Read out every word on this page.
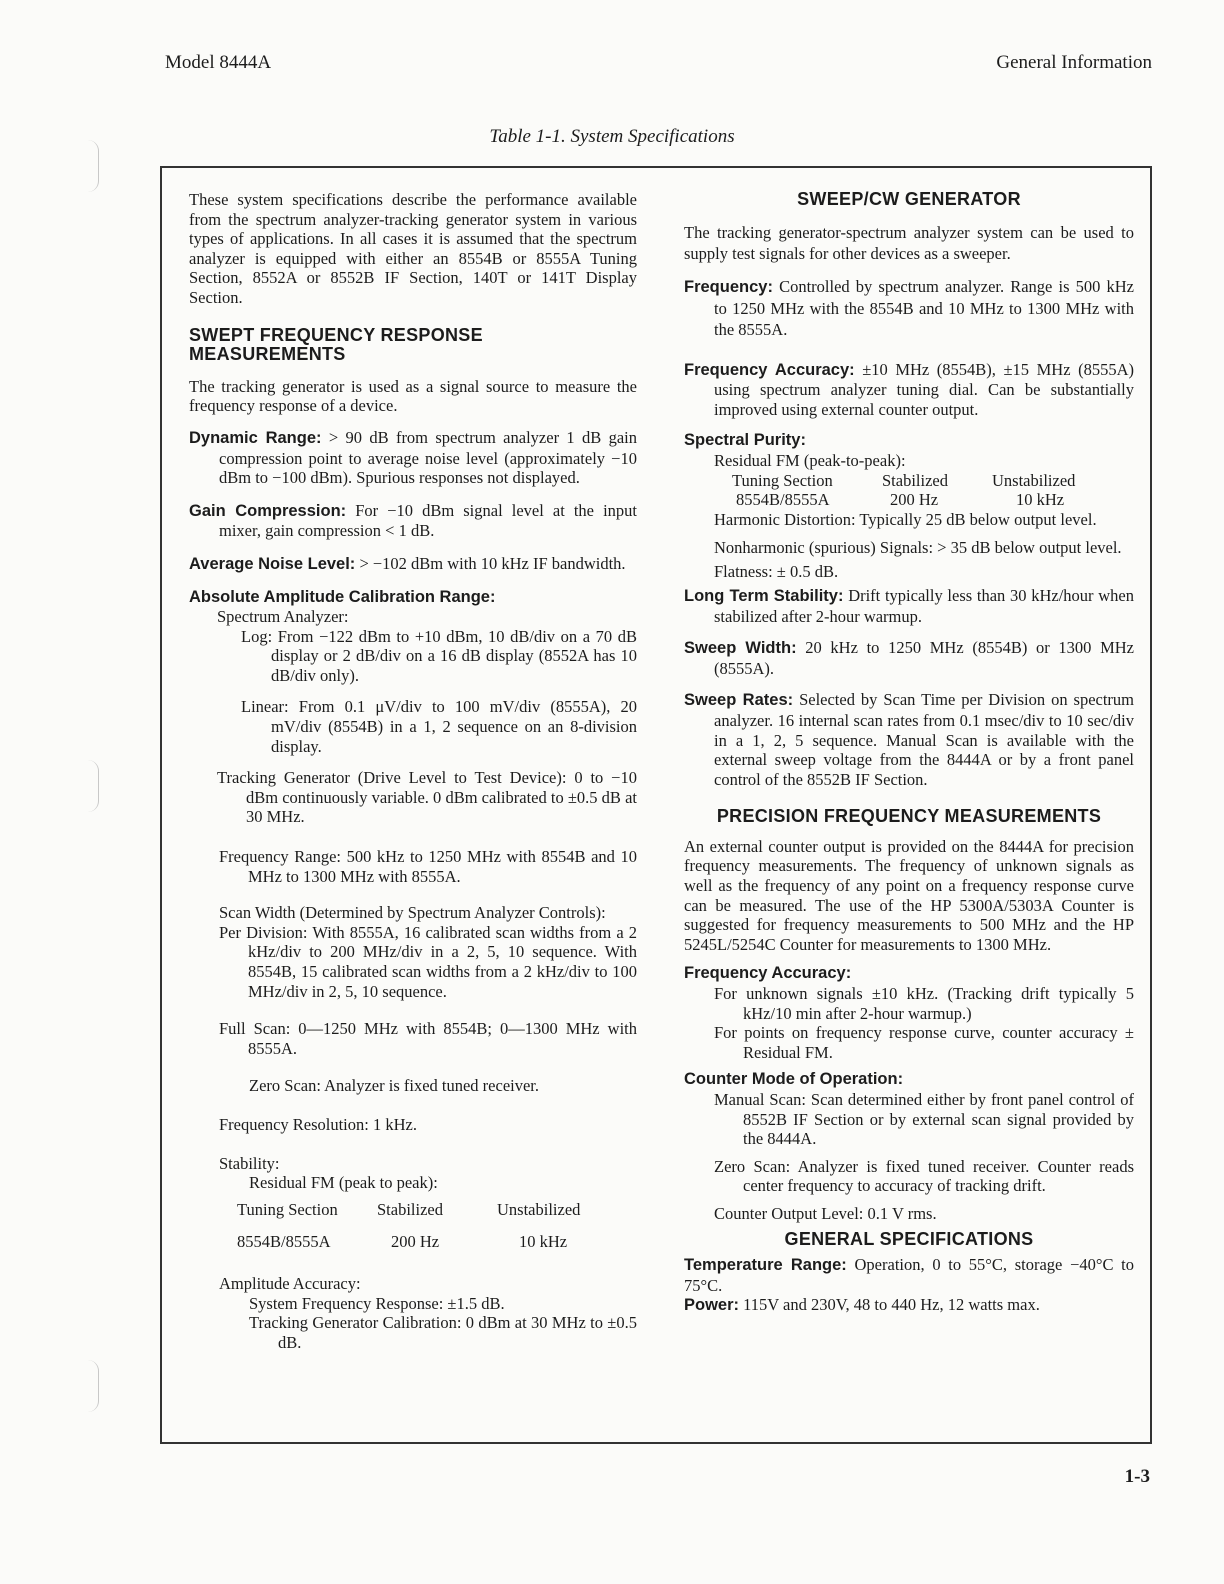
Model 8444A	General Information
Table 1-1. System Specifications

These system specifications describe the performance available from the spectrum analyzer-tracking generator system in various types of applications. In all cases it is assumed that the spectrum analyzer is equipped with either an 8554B or 8555A Tuning Section, 8552A or 8552B IF Section, 140T or 141T Display Section.

SWEPT FREQUENCY RESPONSE MEASUREMENTS

The tracking generator is used as a signal source to measure the frequency response of a device.

Dynamic Range: > 90 dB from spectrum analyzer 1 dB gain compression point to average noise level (approximately −10 dBm to −100 dBm). Spurious responses not displayed.

Gain Compression: For −10 dBm signal level at the input mixer, gain compression < 1 dB.

Average Noise Level: > −102 dBm with 10 kHz IF bandwidth.

Absolute Amplitude Calibration Range:

Spectrum Analyzer:

Log: From −122 dBm to +10 dBm, 10 dB/div on a 70 dB display or 2 dB/div on a 16 dB display (8552A has 10 dB/div only).

Linear: From 0.1 μV/div to 100 mV/div (8555A), 20 mV/div (8554B) in a 1, 2 sequence on an 8-division display.

Tracking Generator (Drive Level to Test Device): 0 to −10 dBm continuously variable. 0 dBm calibrated to ±0.5 dB at 30 MHz.

Frequency Range: 500 kHz to 1250 MHz with 8554B and 10 MHz to 1300 MHz with 8555A.

Scan Width (Determined by Spectrum Analyzer Controls):

Per Division: With 8555A, 16 calibrated scan widths from a 2 kHz/div to 200 MHz/div in a 2, 5, 10 sequence. With 8554B, 15 calibrated scan widths from a 2 kHz/div to 100 MHz/div in 2, 5, 10 sequence.

Full Scan: 0—1250 MHz with 8554B; 0—1300 MHz with 8555A.

Zero Scan: Analyzer is fixed tuned receiver.

Frequency Resolution: 1 kHz.

Stability:

Residual FM (peak to peak):

Tuning Section	Stabilized	Unstabilized
8554B/8555A	200 Hz	10 kHz

Amplitude Accuracy:

System Frequency Response: ±1.5 dB.

Tracking Generator Calibration: 0 dBm at 30 MHz to ±0.5 dB.

SWEEP/CW GENERATOR

The tracking generator-spectrum analyzer system can be used to supply test signals for other devices as a sweeper.

Frequency: Controlled by spectrum analyzer. Range is 500 kHz to 1250 MHz with the 8554B and 10 MHz to 1300 MHz with the 8555A.

Frequency Accuracy: ±10 MHz (8554B), ±15 MHz (8555A) using spectrum analyzer tuning dial. Can be substantially improved using external counter output.

Spectral Purity:

Residual FM (peak-to-peak):

Tuning Section	Stabilized	Unstabilized
8554B/8555A	200 Hz	10 kHz

Harmonic Distortion: Typically 25 dB below output level.

Nonharmonic (spurious) Signals: > 35 dB below output level.

Flatness: ± 0.5 dB.

Long Term Stability: Drift typically less than 30 kHz/hour when stabilized after 2-hour warmup.

Sweep Width: 20 kHz to 1250 MHz (8554B) or 1300 MHz (8555A).

Sweep Rates: Selected by Scan Time per Division on spectrum analyzer. 16 internal scan rates from 0.1 msec/div to 10 sec/div in a 1, 2, 5 sequence. Manual Scan is available with the external sweep voltage from the 8444A or by a front panel control of the 8552B IF Section.

PRECISION FREQUENCY MEASUREMENTS

An external counter output is provided on the 8444A for precision frequency measurements. The frequency of unknown signals as well as the frequency of any point on a frequency response curve can be measured. The use of the HP 5300A/5303A Counter is suggested for frequency measurements to 500 MHz and the HP 5245L/5254C Counter for measurements to 1300 MHz.

Frequency Accuracy:

For unknown signals ±10 kHz. (Tracking drift typically 5 kHz/10 min after 2-hour warmup.)

For points on frequency response curve, counter accuracy ± Residual FM.

Counter Mode of Operation:

Manual Scan: Scan determined either by front panel control of 8552B IF Section or by external scan signal provided by the 8444A.

Zero Scan: Analyzer is fixed tuned receiver. Counter reads center frequency to accuracy of tracking drift.

Counter Output Level: 0.1 V rms.

GENERAL SPECIFICATIONS

Temperature Range: Operation, 0 to 55°C, storage −40°C to 75°C.

Power: 115V and 230V, 48 to 440 Hz, 12 watts max.

1-3
